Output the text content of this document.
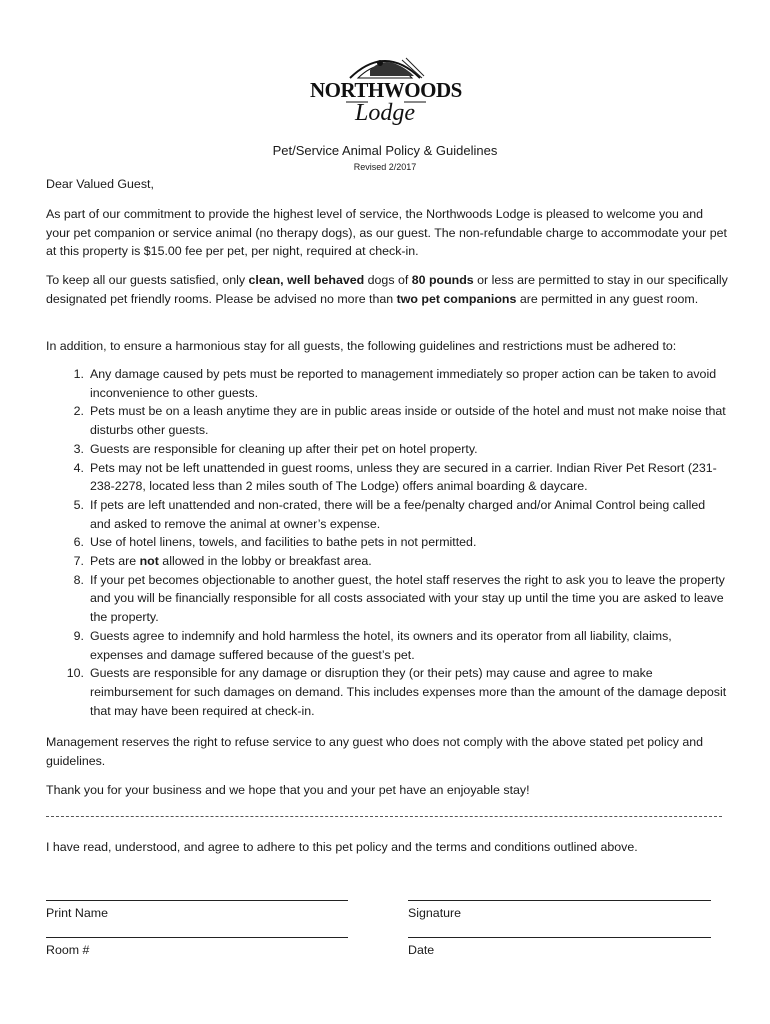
NORTHWOODS
Lodge
Pet/Service Animal Policy & Guidelines
Revised 2/2017
Dear Valued Guest,
As part of our commitment to provide the highest level of service, the Northwoods Lodge is pleased to welcome you and your pet companion or service animal (no therapy dogs), as our guest. The non-refundable charge to accommodate your pet at this property is $15.00 fee per pet, per night, required at check-in.
To keep all our guests satisfied, only clean, well behaved dogs of 80 pounds or less are permitted to stay in our specifically designated pet friendly rooms. Please be advised no more than two pet companions are permitted in any guest room.
In addition, to ensure a harmonious stay for all guests, the following guidelines and restrictions must be adhered to:
1. Any damage caused by pets must be reported to management immediately so proper action can be taken to avoid inconvenience to other guests.
2. Pets must be on a leash anytime they are in public areas inside or outside of the hotel and must not make noise that disturbs other guests.
3. Guests are responsible for cleaning up after their pet on hotel property.
4. Pets may not be left unattended in guest rooms, unless they are secured in a carrier. Indian River Pet Resort (231-238-2278, located less than 2 miles south of The Lodge) offers animal boarding & daycare.
5. If pets are left unattended and non-crated, there will be a fee/penalty charged and/or Animal Control being called and asked to remove the animal at owner’s expense.
6. Use of hotel linens, towels, and facilities to bathe pets in not permitted.
7. Pets are not allowed in the lobby or breakfast area.
8. If your pet becomes objectionable to another guest, the hotel staff reserves the right to ask you to leave the property and you will be financially responsible for all costs associated with your stay up until the time you are asked to leave the property.
9. Guests agree to indemnify and hold harmless the hotel, its owners and its operator from all liability, claims, expenses and damage suffered because of the guest’s pet.
10. Guests are responsible for any damage or disruption they (or their pets) may cause and agree to make reimbursement for such damages on demand. This includes expenses more than the amount of the damage deposit that may have been required at check-in.
Management reserves the right to refuse service to any guest who does not comply with the above stated pet policy and guidelines.
Thank you for your business and we hope that you and your pet have an enjoyable stay!
I have read, understood, and agree to adhere to this pet policy and the terms and conditions outlined above.
Print Name	Signature
Room #	Date
